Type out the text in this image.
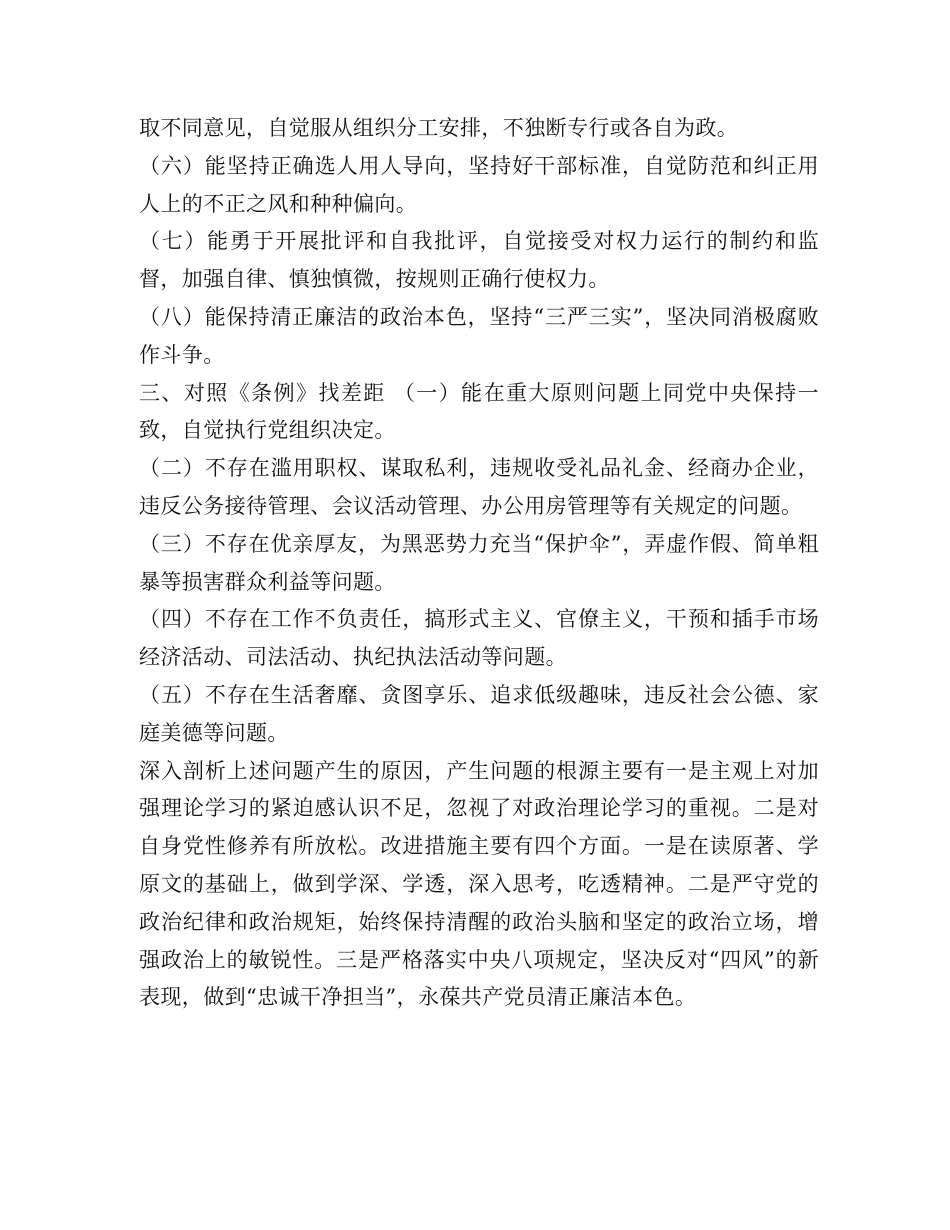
取不同意见，自觉服从组织分工安排，不独断专行或各自为政。

（六）能坚持正确选人用人导向，坚持好干部标准，自觉防范和纠正用人上的不正之风和种种偏向。

（七）能勇于开展批评和自我批评，自觉接受对权力运行的制约和监督，加强自律、慎独慎微，按规则正确行使权力。

（八）能保持清正廉洁的政治本色，坚持“三严三实”，坚决同消极腐败作斗争。

三、对照《条例》找差距 （一）能在重大原则问题上同党中央保持一致，自觉执行党组织决定。

（二）不存在滥用职权、谋取私利，违规收受礼品礼金、经商办企业，违反公务接待管理、会议活动管理、办公用房管理等有关规定的问题。

（三）不存在优亲厚友，为黑恶势力充当“保护伞”，弄虚作假、简单粗暴等损害群众利益等问题。

（四）不存在工作不负责任，搞形式主义、官僚主义，干预和插手市场经济活动、司法活动、执纪执法活动等问题。

（五）不存在生活奢靡、贪图享乐、追求低级趣味，违反社会公德、家庭美德等问题。

深入剖析上述问题产生的原因，产生问题的根源主要有一是主观上对加强理论学习的紧迫感认识不足，忽视了对政治理论学习的重视。二是对自身党性修养有所放松。改进措施主要有四个方面。一是在读原著、学原文的基础上，做到学深、学透，深入思考，吃透精神。二是严守党的政治纪律和政治规矩，始终保持清醒的政治头脑和坚定的政治立场，增强政治上的敏锐性。三是严格落实中央八项规定，坚决反对“四风”的新表现，做到“忠诚干净担当”，永葆共产党员清正廉洁本色。
